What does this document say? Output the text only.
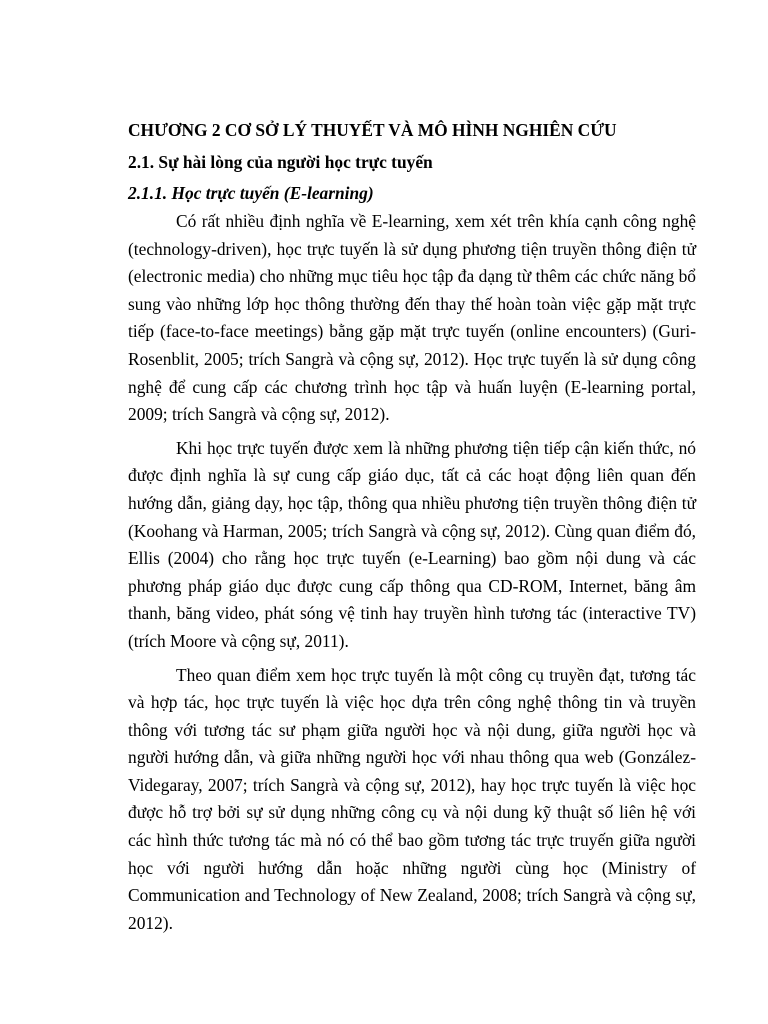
CHƯƠNG 2 CƠ SỞ LÝ THUYẾT VÀ MÔ HÌNH NGHIÊN CỨU
2.1. Sự hài lòng của người học trực tuyến
2.1.1. Học trực tuyến (E-learning)

Có rất nhiều định nghĩa về E-learning, xem xét trên khía cạnh công nghệ (technology-driven), học trực tuyến là sử dụng phương tiện truyền thông điện tử (electronic media) cho những mục tiêu học tập đa dạng từ thêm các chức năng bổ sung vào những lớp học thông thường đến thay thế hoàn toàn việc gặp mặt trực tiếp (face-to-face meetings) bằng gặp mặt trực tuyến (online encounters) (Guri-Rosenblit, 2005; trích Sangrà và cộng sự, 2012). Học trực tuyến là sử dụng công nghệ để cung cấp các chương trình học tập và huấn luyện (E-learning portal, 2009; trích Sangrà và cộng sự, 2012).

Khi học trực tuyến được xem là những phương tiện tiếp cận kiến thức, nó được định nghĩa là sự cung cấp giáo dục, tất cả các hoạt động liên quan đến hướng dẫn, giảng dạy, học tập, thông qua nhiều phương tiện truyền thông điện tử (Koohang và Harman, 2005; trích Sangrà và cộng sự, 2012). Cùng quan điểm đó, Ellis (2004) cho rằng học trực tuyến (e-Learning) bao gồm nội dung và các phương pháp giáo dục được cung cấp thông qua CD-ROM, Internet, băng âm thanh, băng video, phát sóng vệ tinh hay truyền hình tương tác (interactive TV) (trích Moore và cộng sự, 2011).

Theo quan điểm xem học trực tuyến là một công cụ truyền đạt, tương tác và hợp tác, học trực tuyến là việc học dựa trên công nghệ thông tin và truyền thông với tương tác sư phạm giữa người học và nội dung, giữa người học và người hướng dẫn, và giữa những người học với nhau thông qua web (González-Videgaray, 2007; trích Sangrà và cộng sự, 2012), hay học trực tuyến là việc học được hỗ trợ bởi sự sử dụng những công cụ và nội dung kỹ thuật số liên hệ với các hình thức tương tác mà nó có thể bao gồm tương tác trực truyến giữa người học với người hướng dẫn hoặc những người cùng học (Ministry of Communication and Technology of New Zealand, 2008; trích Sangrà và cộng sự, 2012).
